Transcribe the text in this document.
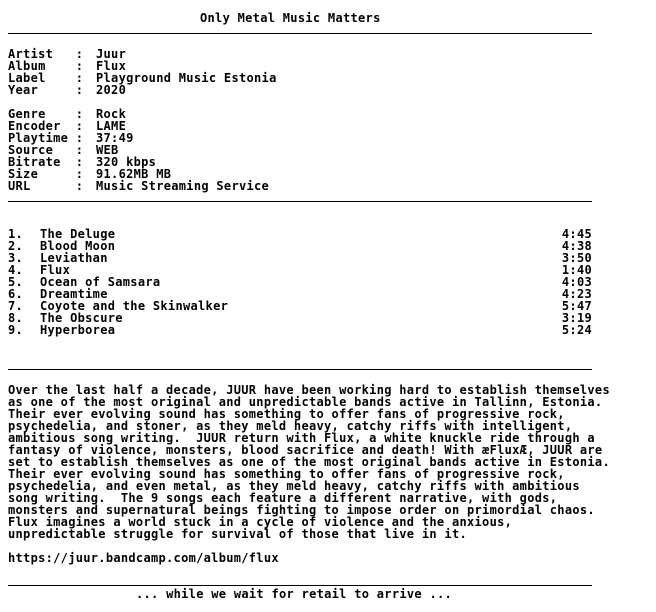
Only Metal Music Matters
Artist   : Juur
Album    : Flux
Label    : Playground Music Estonia
Year     : 2020
Genre    : Rock
Encoder  : LAME
Playtime : 37:49
Source   : WEB
Bitrate  : 320 kbps
Size     : 91.62MB MB
URL      : Music Streaming Service
1.	The Deluge	4:45
2.	Blood Moon	4:38
3.	Leviathan	3:50
4.	Flux	1:40
5.	Ocean of Samsara	4:03
6.	Dreamtime	4:23
7.	Coyote and the Skinwalker	5:47
8.	The Obscure	3:19
9.	Hyperborea	5:24
Over the last half a decade, JUUR have been working hard to establish themselves
as one of the most original and unpredictable bands active in Tallinn, Estonia.
Their ever evolving sound has something to offer fans of progressive rock,
psychedelia, and stoner, as they meld heavy, catchy riffs with intelligent,
ambitious song writing.  JUUR return with Flux, a white knuckle ride through a
fantasy of violence, monsters, blood sacrifice and death! With æFluxÆ, JUUR are
set to establish themselves as one of the most original bands active in Estonia.
Their ever evolving sound has something to offer fans of progressive rock,
psychedelia, and even metal, as they meld heavy, catchy riffs with ambitious
song writing.  The 9 songs each feature a different narrative, with gods,
monsters and supernatural beings fighting to impose order on primordial chaos.
Flux imagines a world stuck in a cycle of violence and the anxious,
unpredictable struggle for survival of those that live in it.
https://juur.bandcamp.com/album/flux
... while we wait for retail to arrive ...
